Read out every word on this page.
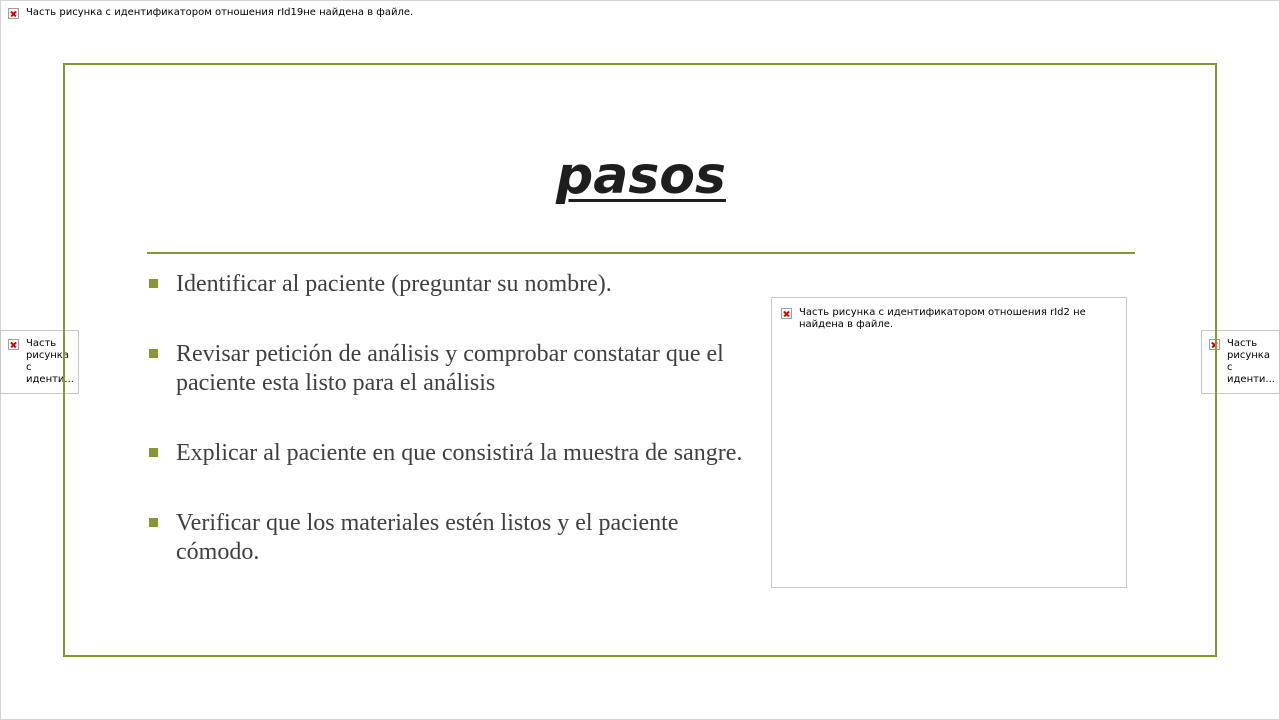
Часть рисунка с идентификатором отношения rId19не найдена в файле.
Часть рисунка с иденти...
Часть рисунка с иденти...
pasos
Identificar al paciente (preguntar su nombre).
Revisar petición de análisis y comprobar constatar que el paciente esta listo para el análisis
Explicar al paciente en que consistirá la muestra de sangre.
Verificar que los materiales estén listos y el paciente cómodo.
Часть рисунка с идентификатором отношения rId2 не найдена в файле.
